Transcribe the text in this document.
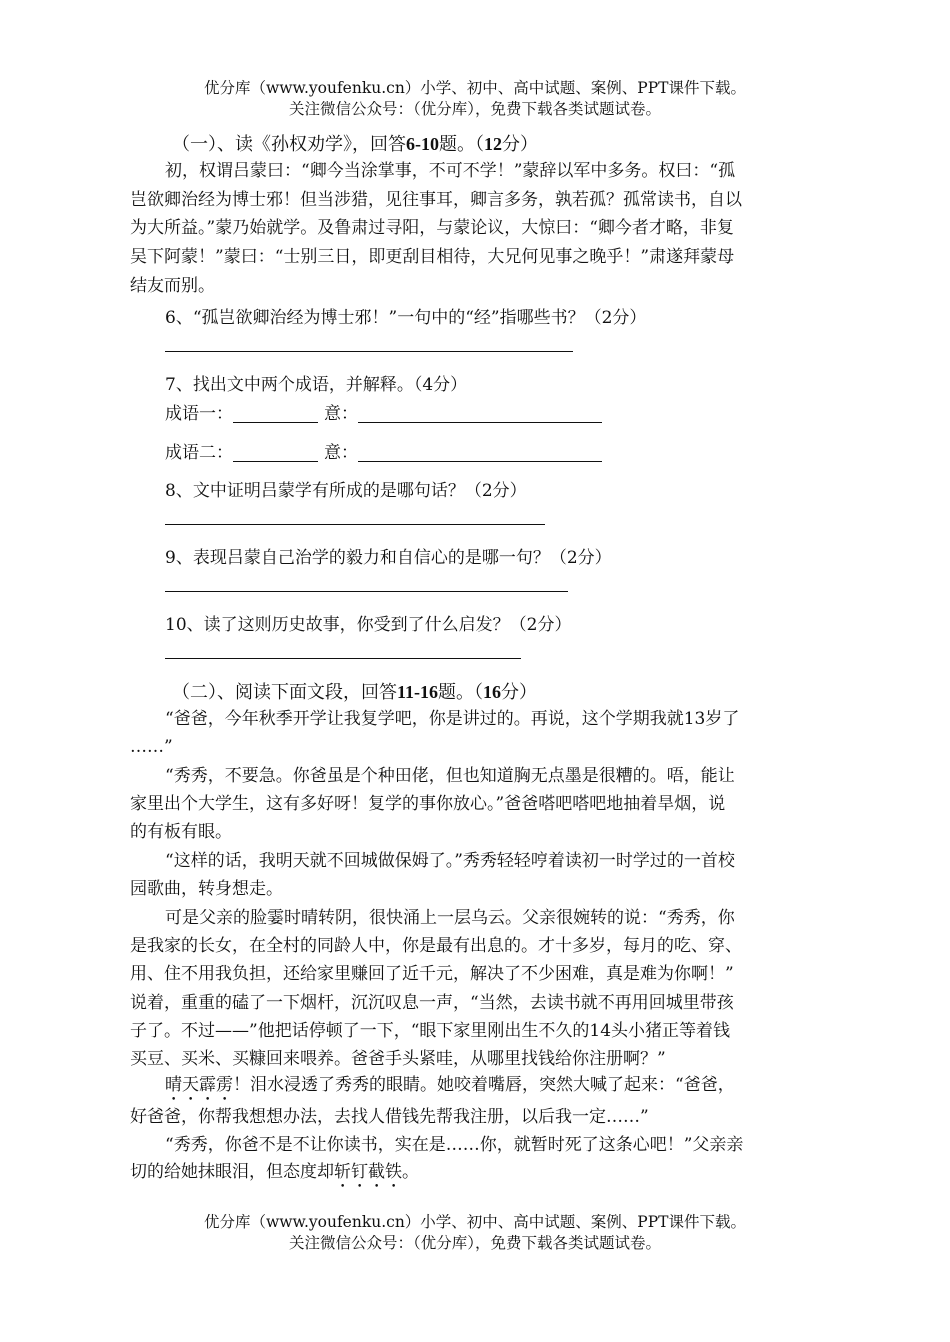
优分库（www.youfenku.cn）小学、初中、高中试题、案例、PPT课件下载。
关注微信公众号：（优分库），免费下载各类试题试卷。
（一）、读《孙权劝学》，回答6-10题。（12分）
初，权谓吕蒙曰：“卿今当涂掌事，不可不学！”蒙辞以军中多务。权曰：“孤
岂欲卿治经为博士邪！但当涉猎，见往事耳，卿言多务，孰若孤？孤常读书，自以
为大所益。”蒙乃始就学。及鲁肃过寻阳，与蒙论议，大惊曰：“卿今者才略，非复
吴下阿蒙！”蒙曰：“士别三日，即更刮目相待，大兄何见事之晚乎！”肃遂拜蒙母
结友而别。
6、“孤岂欲卿治经为博士邪！”一句中的“经”指哪些书？（2分）
7、找出文中两个成语，并解释。（4分）
成语一：	意：
成语二：	意：
8、文中证明吕蒙学有所成的是哪句话？（2分）
9、表现吕蒙自己治学的毅力和自信心的是哪一句？（2分）
10、读了这则历史故事，你受到了什么启发？（2分）
（二）、阅读下面文段，回答11-16题。（16分）
“爸爸，今年秋季开学让我复学吧，你是讲过的。再说，这个学期我就13岁了
……”
“秀秀，不要急。你爸虽是个种田佬，但也知道胸无点墨是很糟的。唔，能让
家里出个大学生，这有多好呀！复学的事你放心。”爸爸嗒吧嗒吧地抽着旱烟，说
的有板有眼。
“这样的话，我明天就不回城做保姆了。”秀秀轻轻哼着读初一时学过的一首校
园歌曲，转身想走。
可是父亲的脸霎时晴转阴，很快涌上一层乌云。父亲很婉转的说：“秀秀，你
是我家的长女，在全村的同龄人中，你是最有出息的。才十多岁，每月的吃、穿、
用、住不用我负担，还给家里赚回了近千元，解决了不少困难，真是难为你啊！”
说着，重重的磕了一下烟杆，沉沉叹息一声，“当然，去读书就不再用回城里带孩
子了。不过——”他把话停顿了一下，“眼下家里刚出生不久的14头小猪正等着钱
买豆、买米、买糠回来喂养。爸爸手头紧哇，从哪里找钱给你注册啊？”
晴天霹雳！泪水浸透了秀秀的眼睛。她咬着嘴唇，突然大喊了起来：“爸爸，
好爸爸，你帮我想想办法，去找人借钱先帮我注册，以后我一定……”
“秀秀，你爸不是不让你读书，实在是……你，就暂时死了这条心吧！”父亲亲
切的给她抹眼泪，但态度却斩钉截铁。
优分库（www.youfenku.cn）小学、初中、高中试题、案例、PPT课件下载。
关注微信公众号：（优分库），免费下载各类试题试卷。
